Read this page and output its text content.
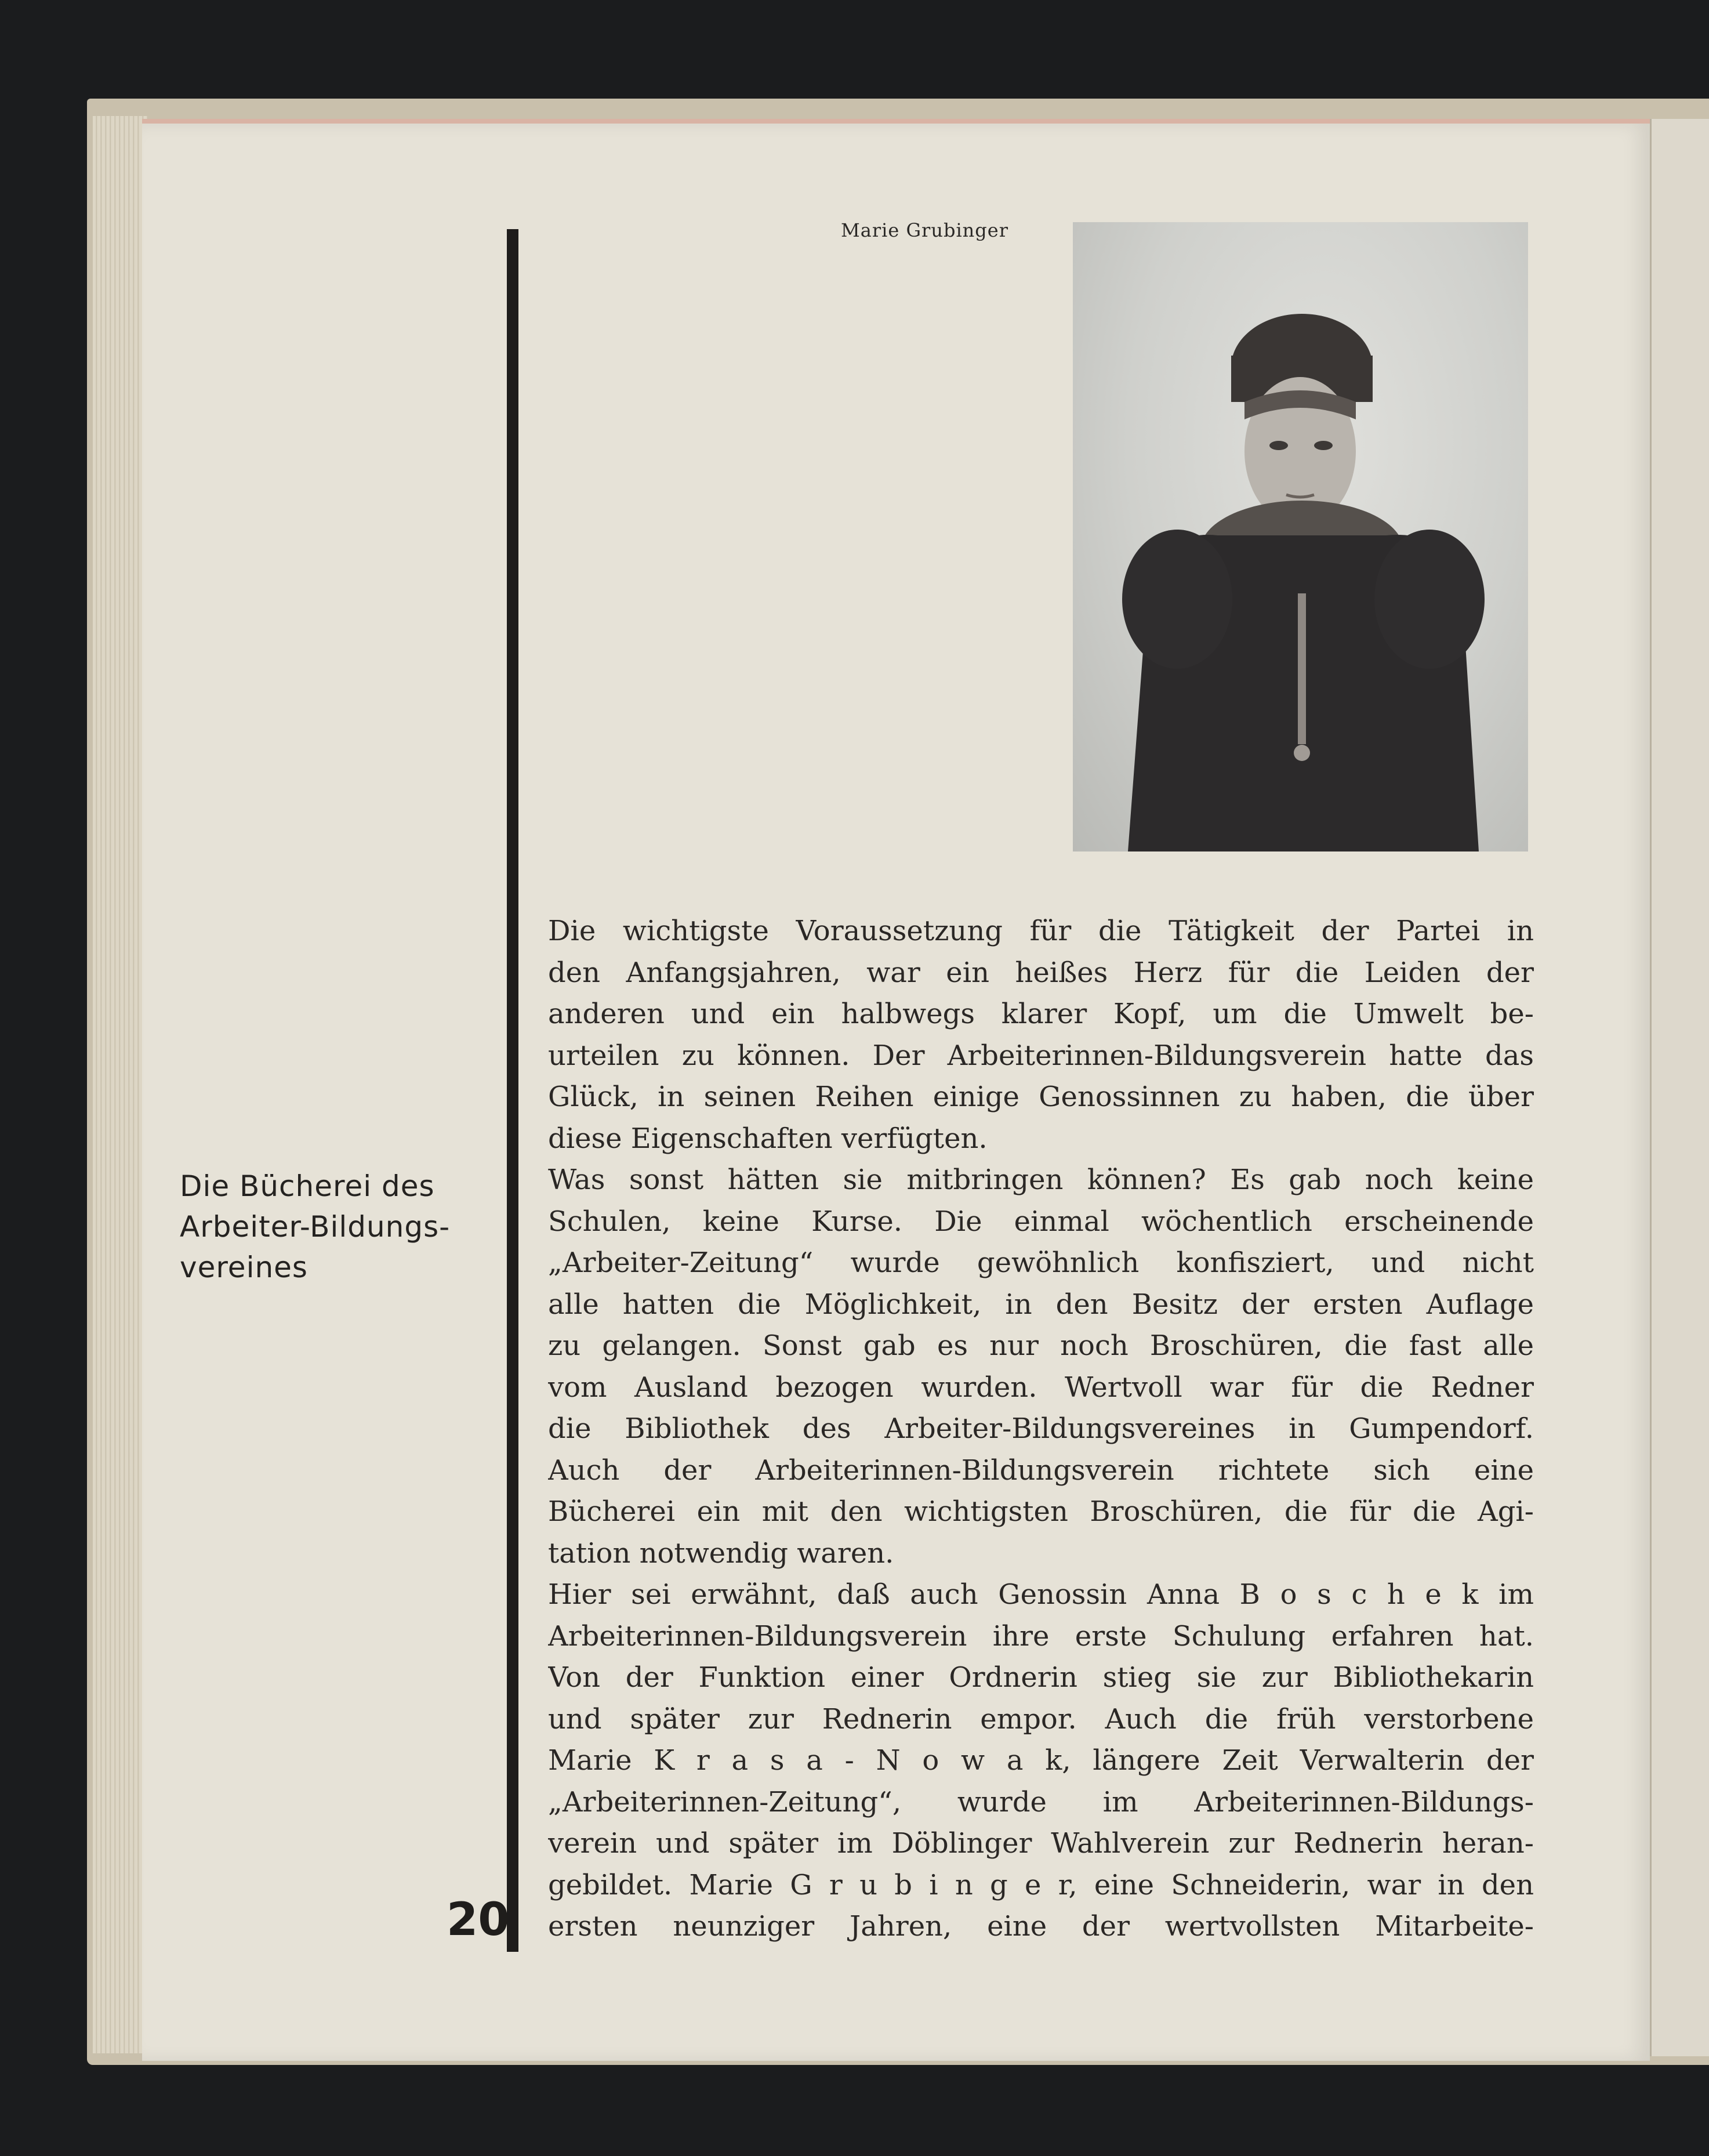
Marie Grubinger
Die Bücherei des
Arbeiter-Bildungs-
vereines
20
Die wichtigste Voraussetzung für die Tätigkeit der Partei in
den Anfangsjahren, war ein heißes Herz für die Leiden der
anderen und ein halbwegs klarer Kopf, um die Umwelt be-
urteilen zu können. Der Arbeiterinnen-Bildungsverein hatte das
Glück, in seinen Reihen einige Genossinnen zu haben, die über
diese Eigenschaften verfügten.
Was sonst hätten sie mitbringen können? Es gab noch keine
Schulen, keine Kurse. Die einmal wöchentlich erscheinende
„Arbeiter-Zeitung“ wurde gewöhnlich konfisziert, und nicht
alle hatten die Möglichkeit, in den Besitz der ersten Auflage
zu gelangen. Sonst gab es nur noch Broschüren, die fast alle
vom Ausland bezogen wurden. Wertvoll war für die Redner
die Bibliothek des Arbeiter-Bildungsvereines in Gumpendorf.
Auch der Arbeiterinnen-Bildungsverein richtete sich eine
Bücherei ein mit den wichtigsten Broschüren, die für die Agi-
tation notwendig waren.
Hier sei erwähnt, daß auch Genossin Anna B o s c h e k im
Arbeiterinnen-Bildungsverein ihre erste Schulung erfahren hat.
Von der Funktion einer Ordnerin stieg sie zur Bibliothekarin
und später zur Rednerin empor. Auch die früh verstorbene
Marie K r a s a - N o w a k, längere Zeit Verwalterin der
„Arbeiterinnen-Zeitung“, wurde im Arbeiterinnen-Bildungs-
verein und später im Döblinger Wahlverein zur Rednerin heran-
gebildet. Marie G r u b i n g e r, eine Schneiderin, war in den
ersten neunziger Jahren, eine der wertvollsten Mitarbeite-
